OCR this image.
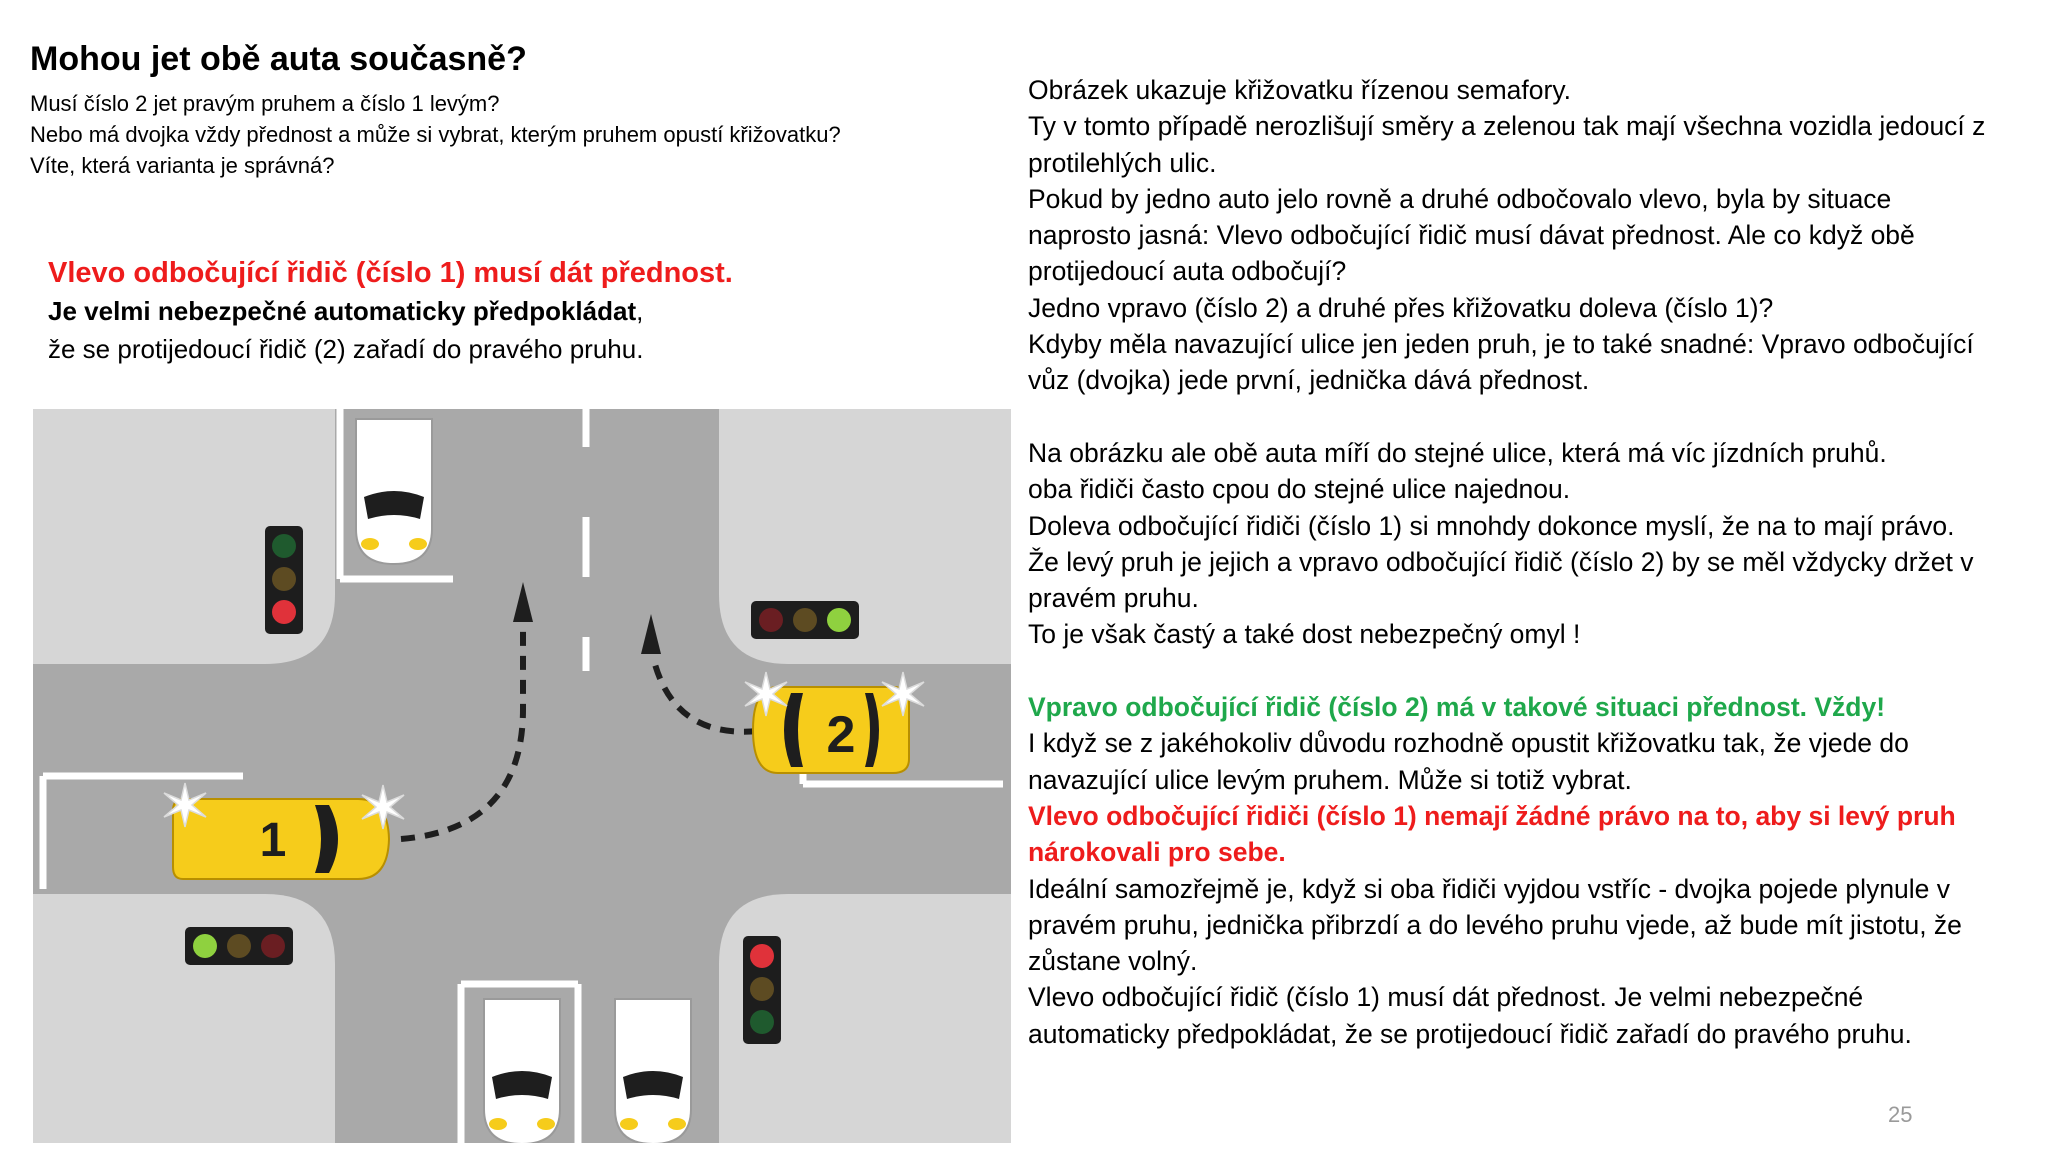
Mohou jet obě auta současně?
Musí číslo 2 jet pravým pruhem a číslo 1 levým?
Nebo má dvojka vždy přednost a může si vybrat, kterým pruhem opustí křižovatku?
Víte, která varianta je správná?
Vlevo odbočující řidič (číslo 1) musí dát přednost.
Je velmi nebezpečné automaticky předpokládat,
že se protijedoucí řidič (2) zařadí do pravého pruhu.
1
2

Obrázek ukazuje křižovatku řízenou semafory.

Ty v tomto případě nerozlišují směry a zelenou tak mají všechna vozidla jedoucí z

protilehlých ulic.

Pokud by jedno auto jelo rovně a druhé odbočovalo vlevo, byla by situace

naprosto jasná: Vlevo odbočující řidič musí dávat přednost. Ale co když obě

protijedoucí auta odbočují?

Jedno vpravo (číslo 2) a druhé přes křižovatku doleva (číslo 1)?

Kdyby měla navazující ulice jen jeden pruh, je to také snadné: Vpravo odbočující

vůz (dvojka) jede první, jednička dává přednost.

Na obrázku ale obě auta míří do stejné ulice, která má víc jízdních pruhů.

oba řidiči často cpou do stejné ulice najednou.

Doleva odbočující řidiči (číslo 1) si mnohdy dokonce myslí, že na to mají právo.

Že levý pruh je jejich a vpravo odbočující řidič (číslo 2) by se měl vždycky držet v

pravém pruhu.

To je však častý a také dost nebezpečný omyl !

Vpravo odbočující řidič (číslo 2) má v takové situaci přednost. Vždy!

I když se z jakéhokoliv důvodu rozhodně opustit křižovatku tak, že vjede do

navazující ulice levým pruhem. Může si totiž vybrat.

Vlevo odbočující řidiči (číslo 1) nemají žádné právo na to, aby si levý pruh

nárokovali pro sebe.

Ideální samozřejmě je, když si oba řidiči vyjdou vstříc - dvojka pojede plynule v

pravém pruhu, jednička přibrzdí a do levého pruhu vjede, až bude mít jistotu, že

zůstane volný.

Vlevo odbočující řidič (číslo 1) musí dát přednost. Je velmi nebezpečné

automaticky předpokládat, že se protijedoucí řidič zařadí do pravého pruhu.

25
